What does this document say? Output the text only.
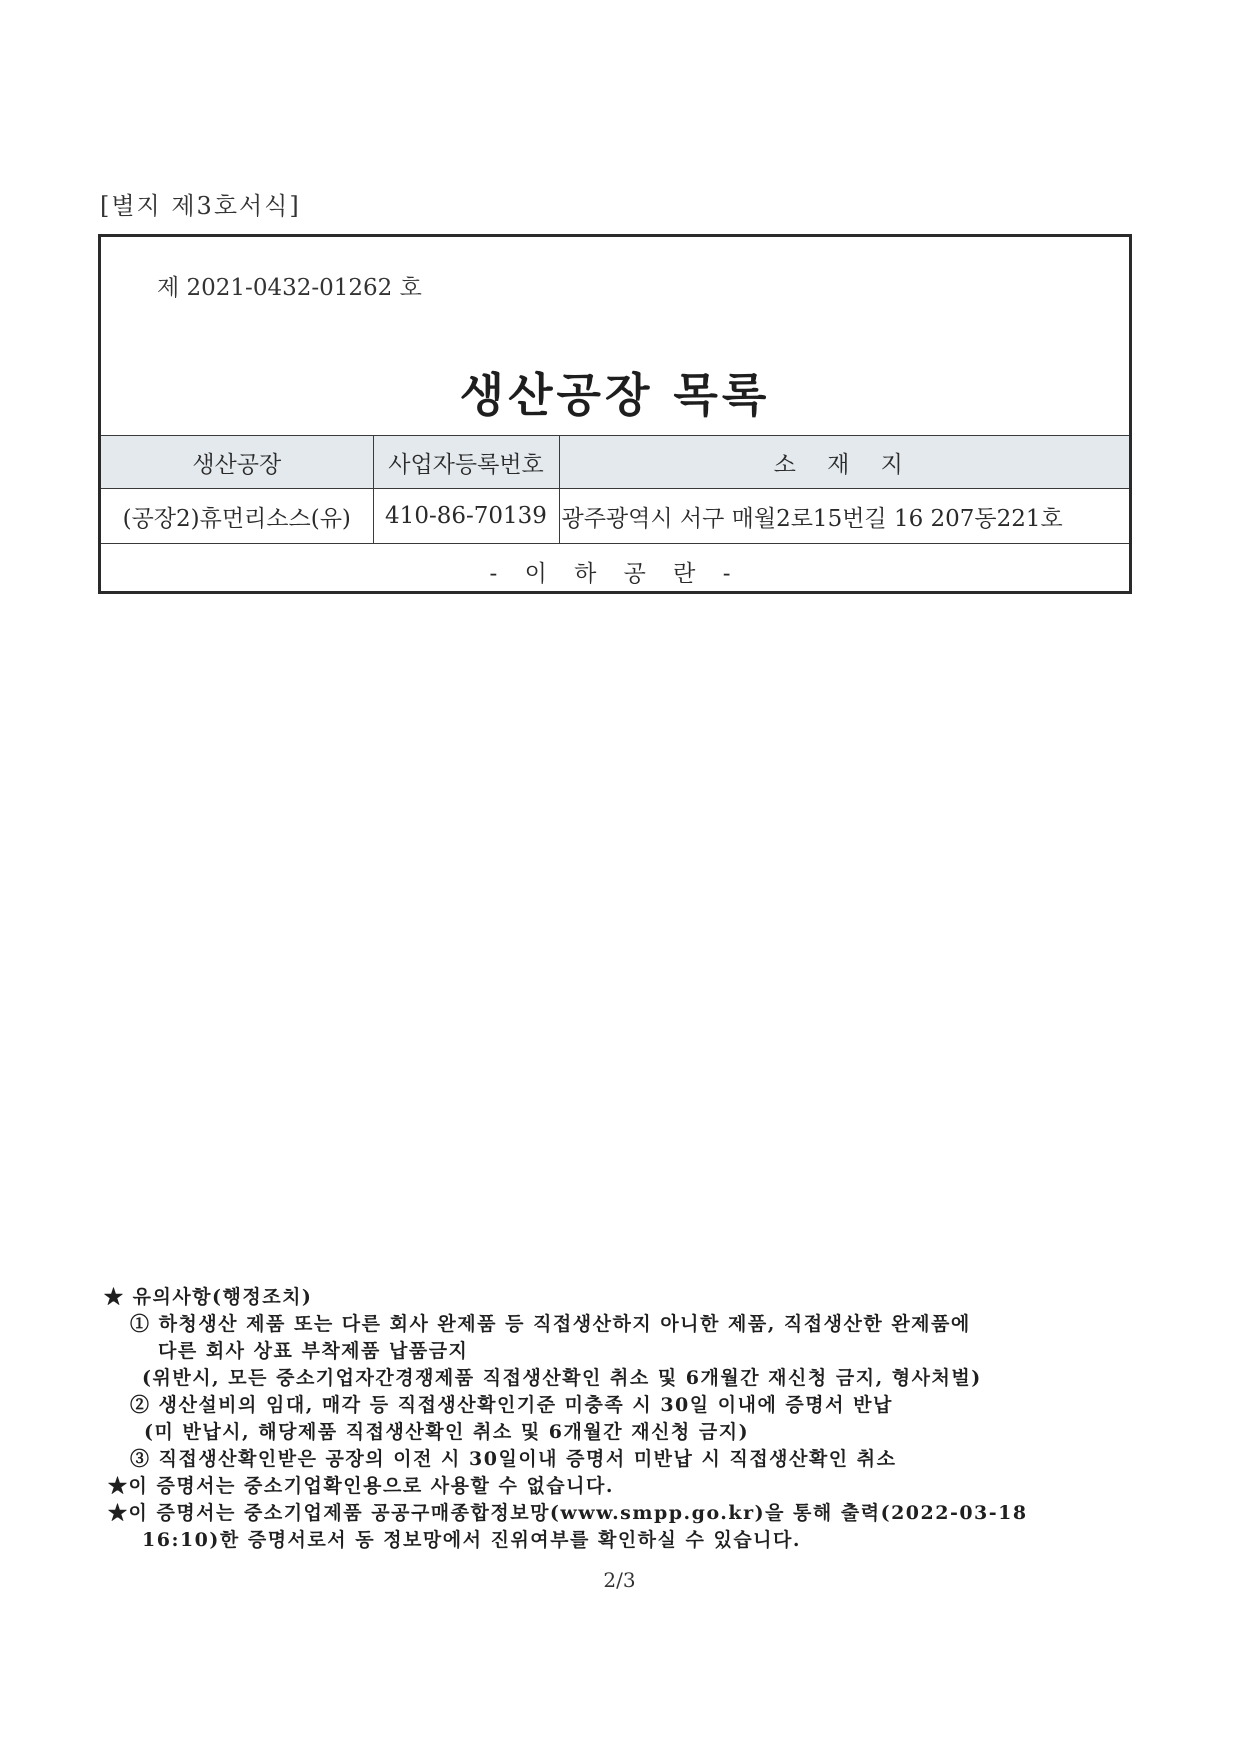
[별지 제3호서식]
제 2021-0432-01262 호
생산공장 목록
생산공장	사업자등록번호	소 재 지
(공장2)휴먼리소스(유)	410-86-70139	광주광역시 서구 매월2로15번길 16 207동221호
- 이 하 공 란 -		
★ 유의사항(행정조치)
① 하청생산 제품 또는 다른 회사 완제품 등 직접생산하지 아니한 제품, 직접생산한 완제품에
다른 회사 상표 부착제품 납품금지
(위반시, 모든 중소기업자간경쟁제품 직접생산확인 취소 및 6개월간 재신청 금지, 형사처벌)
② 생산설비의 임대, 매각 등 직접생산확인기준 미충족 시 30일 이내에 증명서 반납
(미 반납시, 해당제품 직접생산확인 취소 및 6개월간 재신청 금지)
③ 직접생산확인받은 공장의 이전 시 30일이내 증명서 미반납 시 직접생산확인 취소
★이 증명서는 중소기업확인용으로 사용할 수 없습니다.
★이 증명서는 중소기업제품 공공구매종합정보망(www.smpp.go.kr)을 통해 출력(2022-03-18
16:10)한 증명서로서 동 정보망에서 진위여부를 확인하실 수 있습니다.
2/3
